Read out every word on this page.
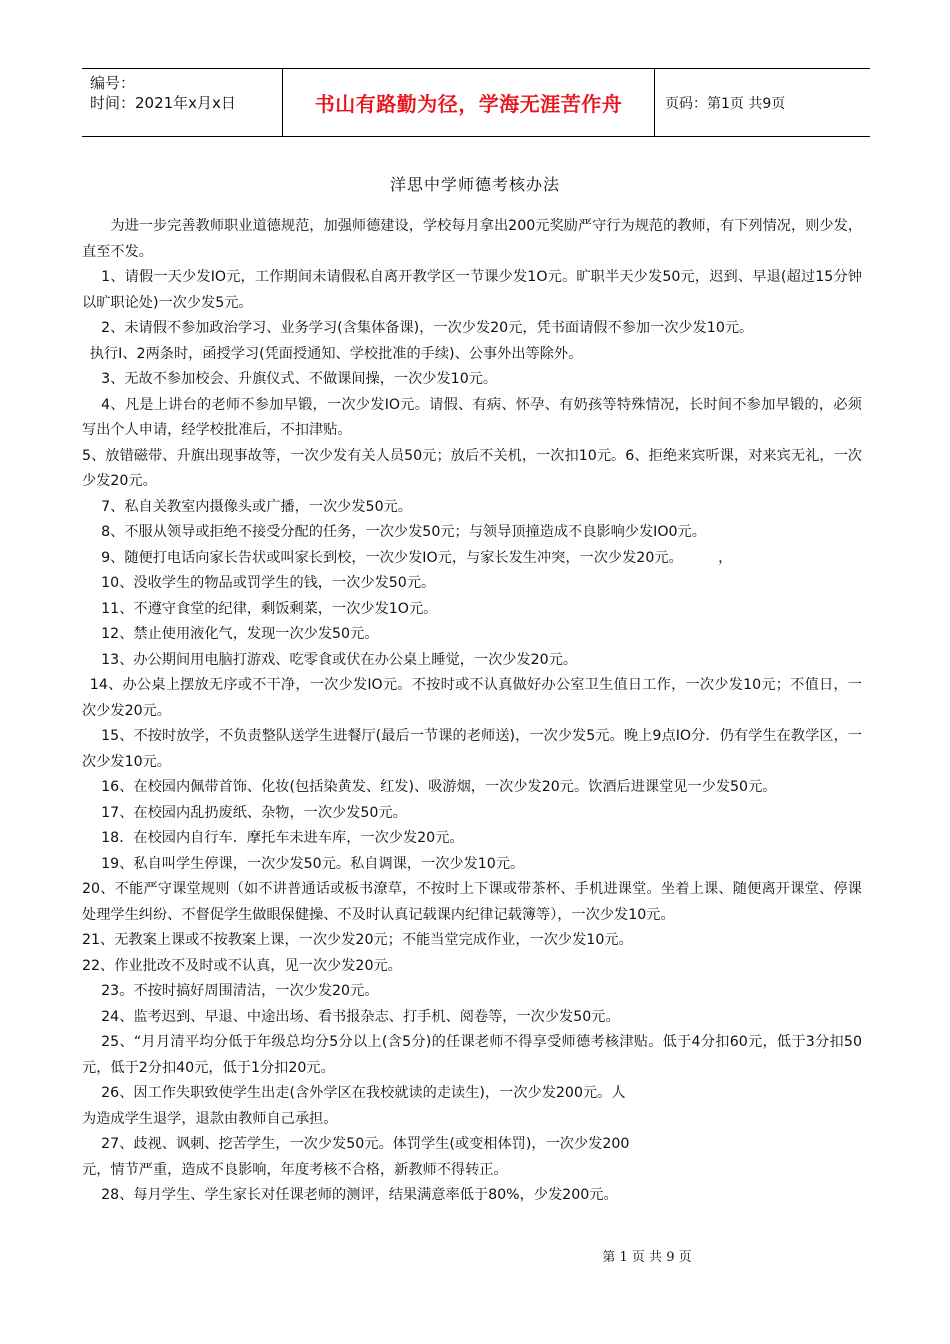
编号：
时间：2021年x月x日	书山有路勤为径，学海无涯苦作舟	页码：第1页 共9页
洋思中学师德考核办法

为进一步完善教师职业道德规范，加强师德建设，学校每月拿出200元奖励严守行为规范的教师，有下列情况，则少发，直至不发。

1、请假一天少发IO元，工作期间未请假私自离开教学区一节课少发1O元。旷职半天少发50元，迟到、早退(超过15分钟以旷职论处)一次少发5元。

2、未请假不参加政治学习、业务学习(含集体备课)，一次少发20元，凭书面请假不参加一次少发10元。

执行I、2两条时，函授学习(凭面授通知、学校批准的手续)、公事外出等除外。

3、无故不参加校会、升旗仪式、不做课间操，一次少发10元。

4、凡是上讲台的老师不参加早锻，一次少发IO元。请假、有病、怀孕、有奶孩等特殊情况，长时间不参加早锻的，必须写出个人申请，经学校批准后，不扣津贴。

5、放错磁带、升旗出现事故等，一次少发有关人员50元；放后不关机，一次扣10元。6、拒绝来宾听课，对来宾无礼，一次少发20元。

7、私自关教室内摄像头或广播，一次少发50元。

8、不服从领导或拒绝不接受分配的任务，一次少发50元；与领导顶撞造成不良影响少发IO0元。

9、随便打电话向家长告状或叫家长到校，一次少发IO元，与家长发生冲突，一次少发20元。　　　，

10、没收学生的物品或罚学生的钱，一次少发50元。

11、不遵守食堂的纪律，剩饭剩菜，一次少发1O元。

12、禁止使用液化气，发现一次少发50元。

13、办公期间用电脑打游戏、吃零食或伏在办公桌上睡觉，一次少发20元。

14、办公桌上摆放无序或不干净，一次少发IO元。不按时或不认真做好办公室卫生值日工作，一次少发10元；不值日，一次少发20元。

15、不按时放学，不负责整队送学生进餐厅(最后一节课的老师送)，一次少发5元。晚上9点IO分．仍有学生在教学区，一次少发10元。

16、在校园内佩带首饰、化妆(包括染黄发、红发)、吸游烟，一次少发20元。饮酒后进课堂见一少发50元。

17、在校园内乱扔废纸、杂物，一次少发50元。

18．在校园内自行车．摩托车未进车库，一次少发20元。

19、私自叫学生停课，一次少发50元。私自调课，一次少发10元。

20、不能严守课堂规则（如不讲普通话或板书潦草，不按时上下课或带茶杯、手机进课堂。坐着上课、随便离开课堂、停课处理学生纠纷、不督促学生做眼保健操、不及时认真记载课内纪律记载簿等），一次少发10元。

21、无教案上课或不按教案上课，一次少发20元；不能当堂完成作业，一次少发10元。

22、作业批改不及时或不认真，见一次少发20元。

23。不按时搞好周围清洁，一次少发20元。

24、监考迟到、早退、中途出场、看书报杂志、打手机、阅卷等，一次少发50元。

25、“月月清平均分低于年级总均分5分以上(含5分)的任课老师不得享受师德考核津贴。低于4分扣60元，低于3分扣50元，低于2分扣40元，低于1分扣20元。

26、因工作失职致使学生出走(含外学区在我校就读的走读生)，一次少发200元。人

为造成学生退学，退款由教师自己承担。

27、歧视、讽刺、挖苦学生，一次少发50元。体罚学生(或变相体罚)，一次少发200

元，情节严重，造成不良影响，年度考核不合格，新教师不得转正。

28、每月学生、学生家长对任课老师的测评，结果满意率低于80%，少发200元。

第 1 页 共 9 页
